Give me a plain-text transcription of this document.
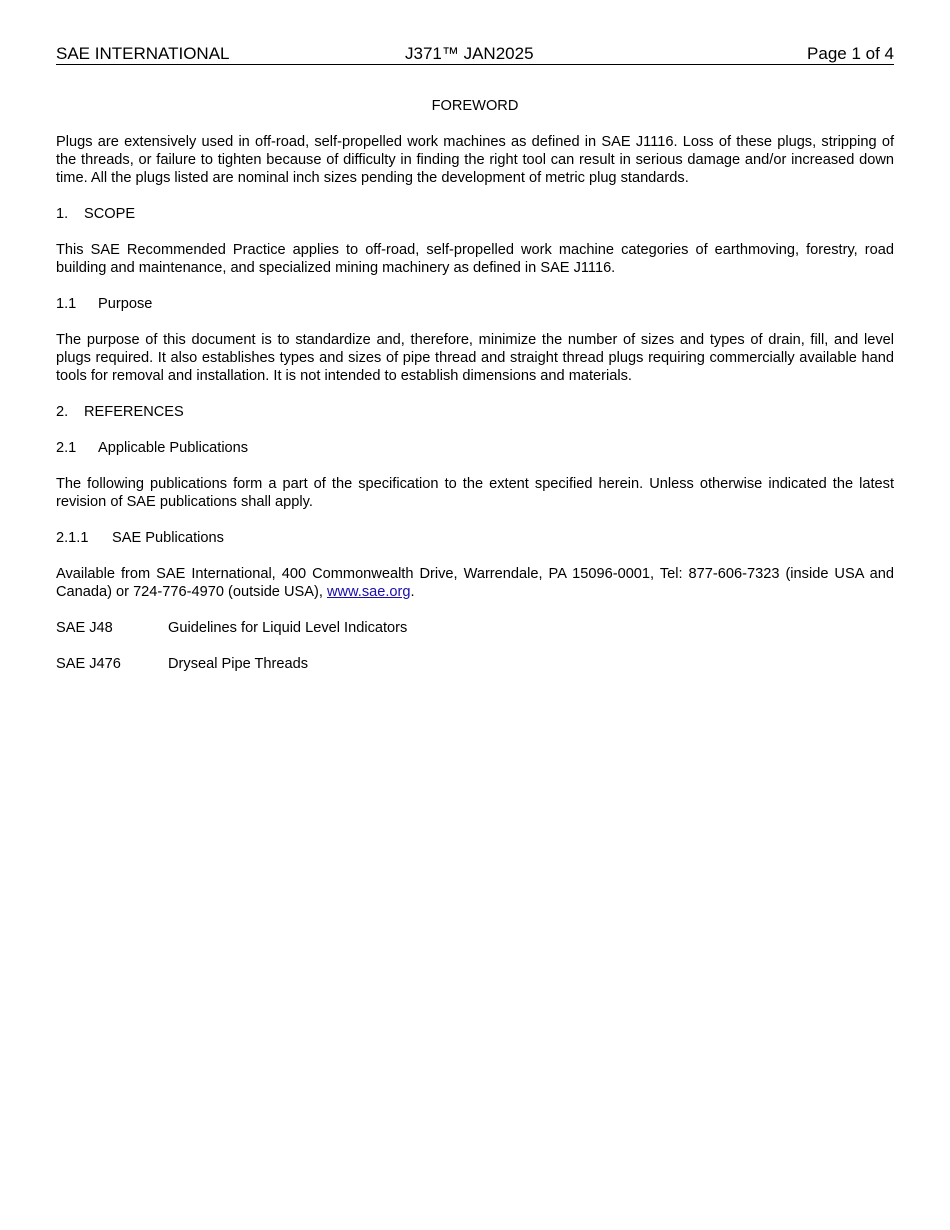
SAE INTERNATIONAL	J371™ JAN2025	Page 1 of 4
FOREWORD

Plugs are extensively used in off-road, self-propelled work machines as defined in SAE J1116. Loss of these plugs, stripping of the threads, or failure to tighten because of difficulty in finding the right tool can result in serious damage and/or increased down time. All the plugs listed are nominal inch sizes pending the development of metric plug standards.

1. SCOPE

This SAE Recommended Practice applies to off-road, self-propelled work machine categories of earthmoving, forestry, road building and maintenance, and specialized mining machinery as defined in SAE J1116.

1.1 Purpose

The purpose of this document is to standardize and, therefore, minimize the number of sizes and types of drain, fill, and level plugs required. It also establishes types and sizes of pipe thread and straight thread plugs requiring commercially available hand tools for removal and installation. It is not intended to establish dimensions and materials.

2. REFERENCES
2.1 Applicable Publications

The following publications form a part of the specification to the extent specified herein. Unless otherwise indicated the latest revision of SAE publications shall apply.

2.1.1 SAE Publications

Available from SAE International, 400 Commonwealth Drive, Warrendale, PA 15096-0001, Tel: 877-606-7323 (inside USA and Canada) or 724-776-4970 (outside USA), www.sae.org.

SAE J48	Guidelines for Liquid Level Indicators
SAE J476	Dryseal Pipe Threads
